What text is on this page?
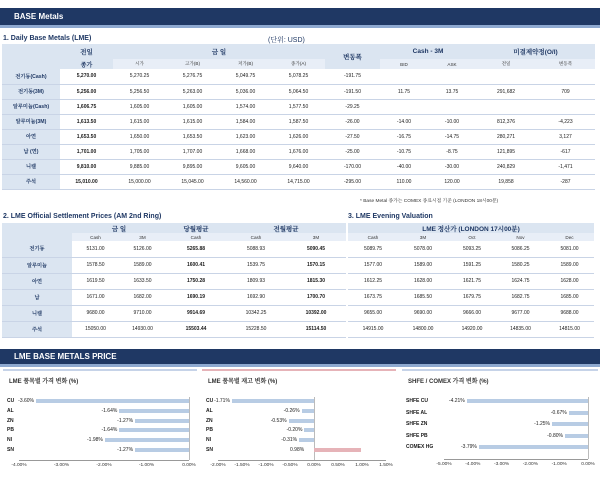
BASE Metals
1. Daily Base Metals (LME)	(단위: USD)
	전일	금 일				변동폭	Cash - 3M		미결제약정(O/I)	
	종가	시가	고가(B)	저가(B)	종가(A)		BID	ASK	전일	변동폭
전기동(Cash)	5,270.00	5,270.25	5,276.75	5,049.75	5,078.25	-191.75				
전기동(3M)	5,256.00	5,256.50	5,263.00	5,036.00	5,064.50	-191.50	11.75	13.75	291,682	709
알루미늄(Cash)	1,606.75	1,605.00	1,605.00	1,574.00	1,577.50	-29.25				
알루미늄(3M)	1,613.50	1,615.00	1,615.00	1,584.00	1,587.50	-26.00	-14.00	-10.00	812,376	-4,223
아연	1,653.50	1,650.00	1,653.50	1,623.00	1,626.00	-27.50	-16.75	-14.75	280,271	3,127
납 (연)	1,701.00	1,705.00	1,707.00	1,668.00	1,676.00	-25.00	-10.75	-8.75	121,895	-617
니켈	9,810.00	9,885.00	9,895.00	9,605.00	9,640.00	-170.00	-40.00	-30.00	240,829	-1,471
주석	15,010.00	15,000.00	15,045.00	14,560.00	14,715.00	-295.00	110.00	120.00	19,858	-287
* Base Metal 종가는 COMEX 종료시점 기준 (LONDON 18시00분)
2. LME Official Settlement Prices (AM 2nd Ring)
	금 일		당월평균	전월평균	
	Cash	3M	Cash	Cash	3M
전기동	5131.00	5126.00	5265.88	5088.93	5090.45
알루미늄	1578.50	1589.00	1600.41	1539.75	1570.15
아연	1619.50	1633.50	1750.28	1809.93	1815.30
납	1671.00	1682.00	1690.19	1692.90	1700.70
니켈	9680.00	9710.00	9914.69	10342.25	10392.00
주석	15050.00	14930.00	15503.44	15228.50	15114.50
3. LME Evening Valuation
LME 정산가 (LONDON 17시00분)				
Cash	3M	Oct	Nov	Dec
5089.75	5078.00	5093.25	5086.25	5081.00
1577.00	1589.00	1591.25	1580.25	1589.00
1612.25	1628.00	1621.75	1624.75	1628.00
1673.75	1685.50	1679.75	1682.75	1685.00
9655.00	9690.00	9666.00	9677.00	9688.00
14915.00	14800.00	14920.00	14835.00	14815.00
LME BASE METALS PRICE
LME 품목별 가격 변화 (%)
CU -3.60%
AL	-1.64%
ZN	-1.27%
PB	-1.64%
NI	-1.98%
SN	-1.27%
-4.00%	-3.00%	-2.00%	-1.00%	0.00%
LME 품목별 재고 변화 (%)
CU -1.71%
AL	-0.26%
ZN	-0.53%
PB	-0.20%
NI	-0.31%
SN	0.98%
-2.00%	-1.50%	-1.00%	-0.50%	0.00%	0.50%	1.00%	1.50%
SHFE / COMEX 가격 변화 (%)
SHFE CU	-4.21%
SHFE AL	-0.67%
SHFE ZN	-1.25%
SHFE PB	-0.80%
COMEX HG	-3.79%
-5.00%	-4.00%	-3.00%	-2.00%	-1.00%	0.00%
